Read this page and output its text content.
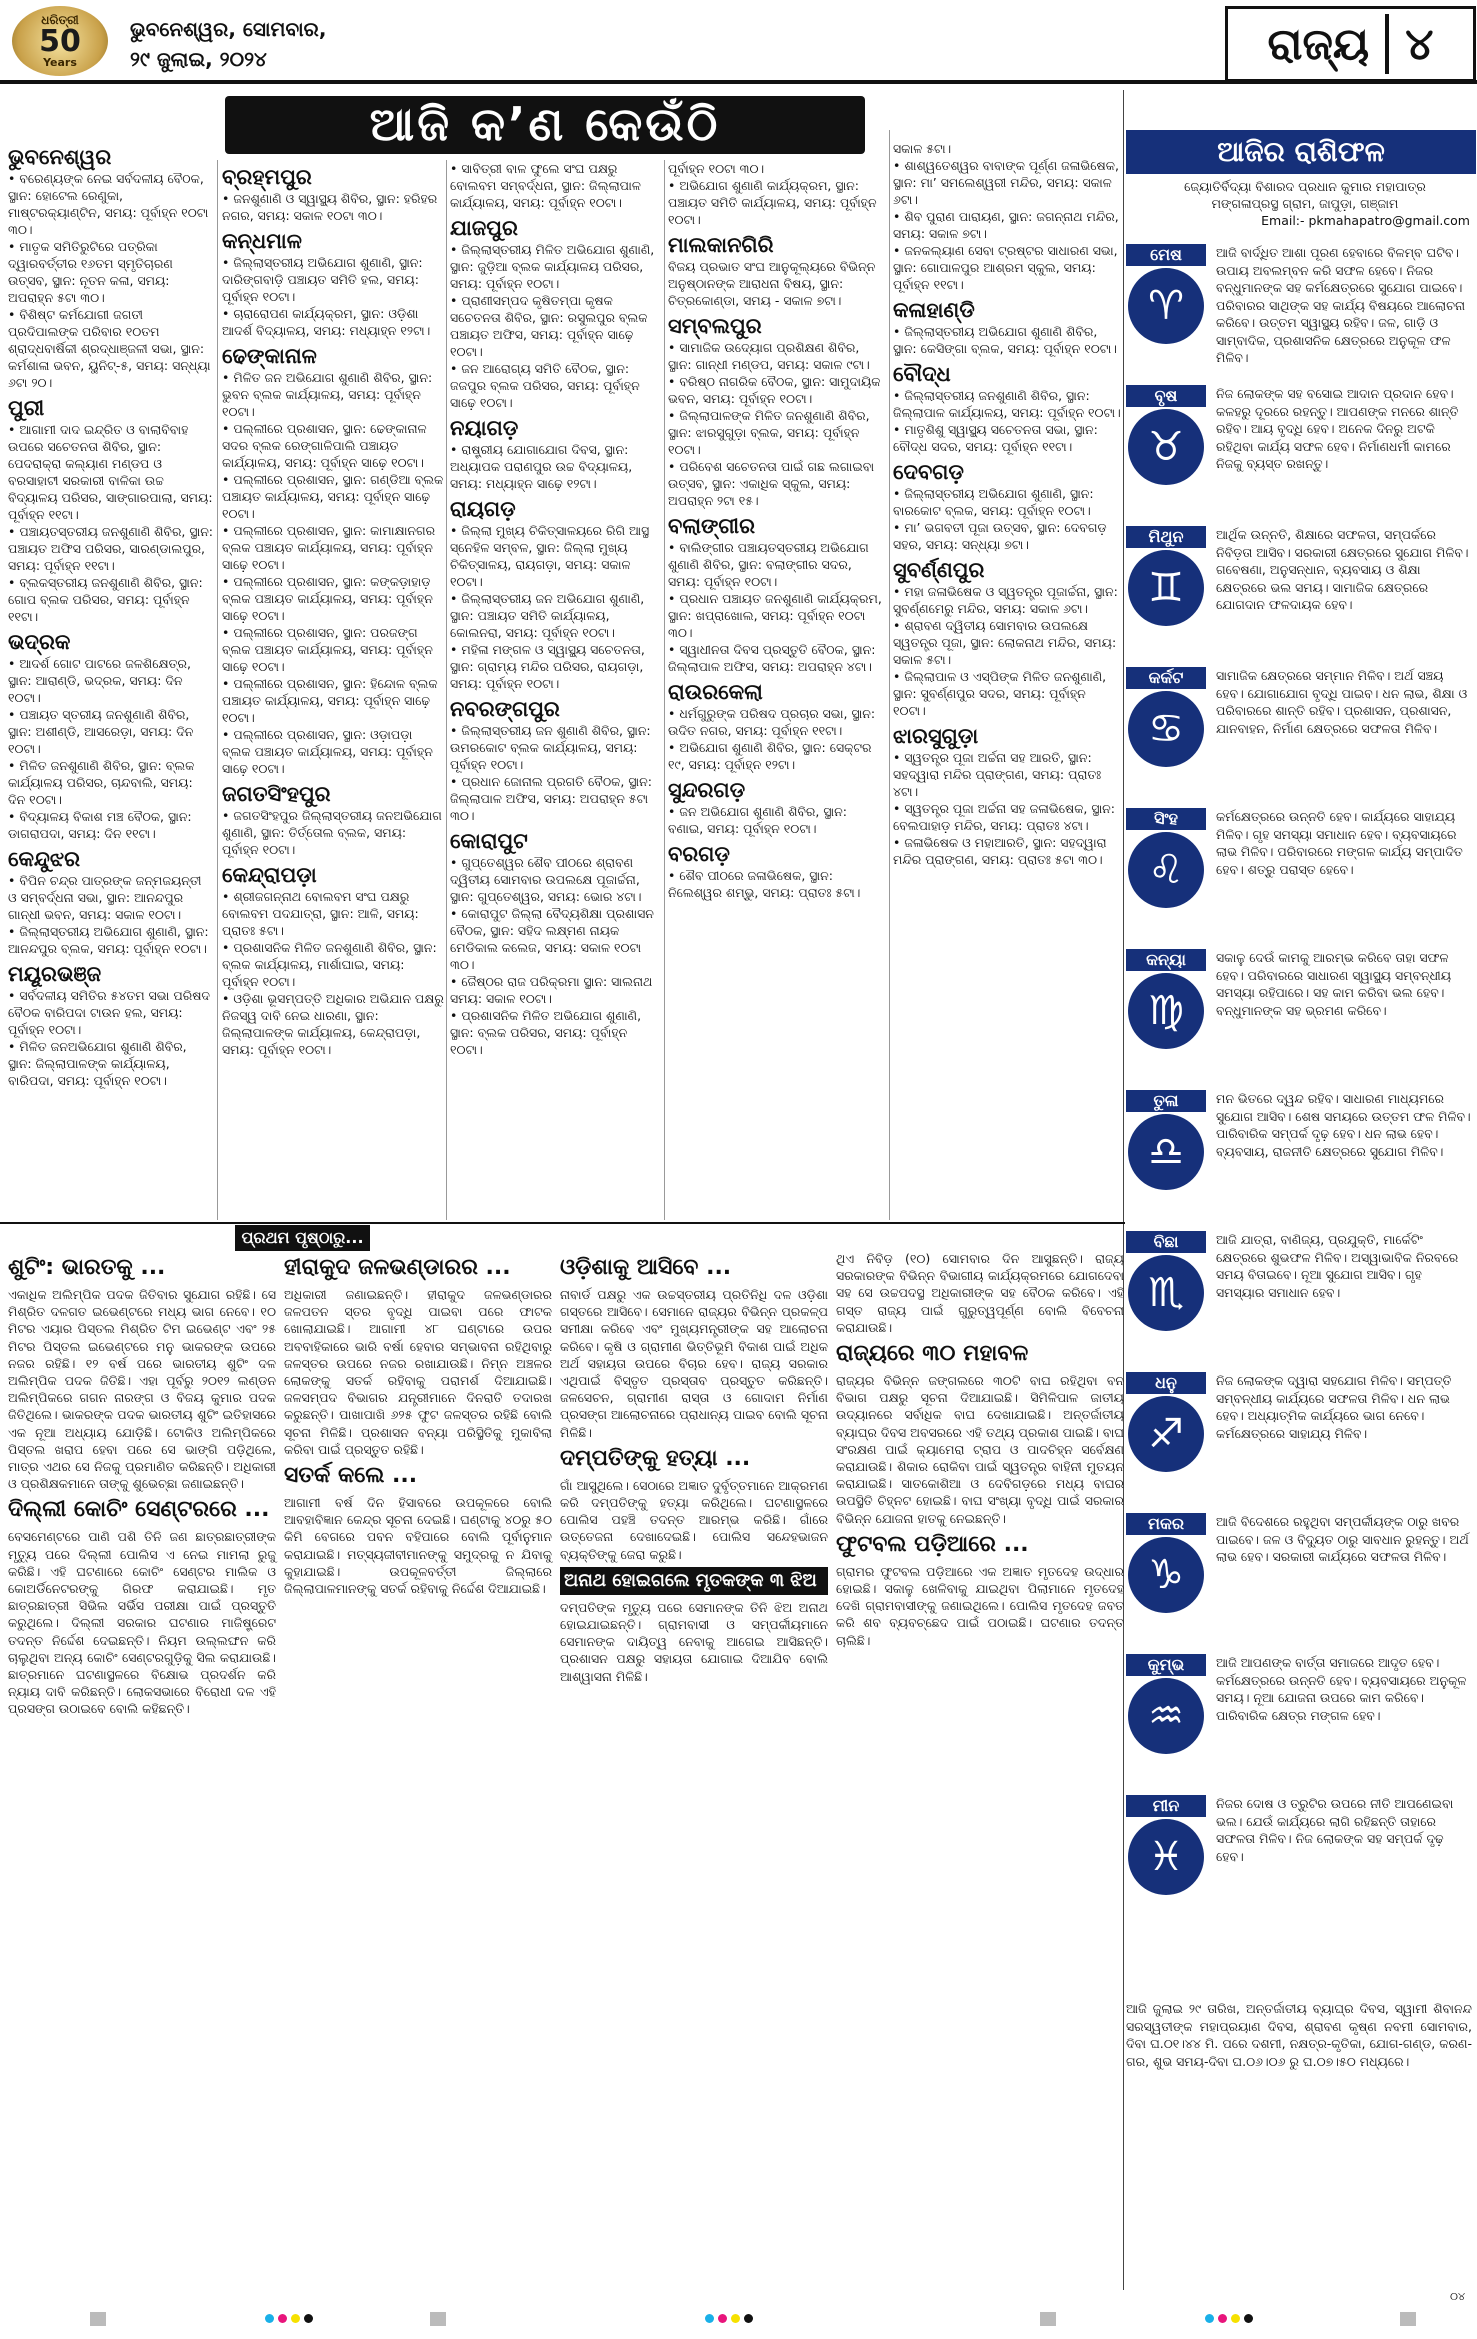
ଧରିତ୍ରୀ
50
Years
ଭୁବନେଶ୍ୱର, ସୋମବାର,
୨୯ ଜୁଲାଇ, ୨୦୨୪	ରାଜ୍ୟ ୪
ଆଜି କ’ଣ କେଉଁଠି
ଭୁବନେଶ୍ୱର
• ବରେଣ୍ୟଙ୍କ ନେଇ ସର୍ବଦଳୀୟ ବୈଠକ, ସ୍ଥାନ: ହୋଟେଲ ରେଣୁକା, ମାଷ୍ଟରକ୍ୟାଣ୍ଟିନ, ସମୟ: ପୂର୍ବାହ୍ନ ୧୦ଟା ୩୦।
• ମାତୃକ ସମିତିରୁଟିରେ ପତ୍ରିକା ଦ୍ୱାରବର୍ତ୍ତୀର ୧୬ତମ ସ୍ମୃତିଚାରଣ ଉତ୍ସବ, ସ୍ଥାନ: ନୂତନ କଳା, ସମୟ: ଅପରାହ୍ନ ୫ଟା ୩୦।
• ବିଶିଷ୍ଟ କର୍ମଯୋଗୀ ଜଗତୀ ପ୍ରଦିପାଲଙ୍କ ପରିବାର ୧୦ତମ ଶ୍ରାଦ୍ଧବାର୍ଷିକୀ ଶ୍ରଦ୍ଧାଞ୍ଜଳୀ ସଭା, ସ୍ଥାନ: କର୍ମଶାଳା ଭବନ, ୟୁନିଟ୍-୫, ସମୟ: ସନ୍ଧ୍ୟା ୬ଟା ୨୦।
ପୁରୀ
• ଆଗାମୀ ଦାଦ ଇନ୍ଦ୍ରିତ ଓ ବାଲାବିବାହ ଉପରେ ସଚେତନତା ଶିବିର, ସ୍ଥାନ: ପେଦରାକ୍ରା କଲ୍ୟାଣ ମଣ୍ଡପ ଓ ବରସାହାଟୀ ସରକାରୀ ବାଳିକା ଉଚ୍ଚ ବିଦ୍ୟାଳୟ ପରିସର, ସାଙ୍ଗାରପାଲା, ସମୟ: ପୂର୍ବାହ୍ନ ୧୧ଟା।
• ପଞ୍ଚାୟତସ୍ତରୀୟ ଜନଶୁଣାଣି ଶିବିର, ସ୍ଥାନ: ପଞ୍ଚାୟତ ଅଫିସ ପରିସର, ସାରଣ୍ଡାଲପୁର, ସମୟ: ପୂର୍ବାହ୍ନ ୧୧ଟା।
• ବ୍ଲକସ୍ତରୀୟ ଜନଶୁଣାଣି ଶିବିର, ସ୍ଥାନ: ଗୋପ ବ୍ଲକ ପରିସର, ସମୟ: ପୂର୍ବାହ୍ନ ୧୧ଟା।
ଭଦ୍ରକ
• ଆଦର୍ଶ ଗୋଟ ପାଟରେ ଜଳଶିକ୍ଷେତ୍ର, ସ୍ଥାନ: ଆରାଣ୍ଡି, ଭଦ୍ରକ, ସମୟ: ଦିନ ୧୦ଟା।
• ପଞ୍ଚାୟତ ସ୍ତରୀୟ ଜନଶୁଣାଣି ଶିବିର, ସ୍ଥାନ: ଅଶୀଣ୍ଡି, ଆସରେଡ଼ା, ସମୟ: ଦିନ ୧୦ଟା।
• ମିଳିତ ଜନଶୁଣାଣି ଶିବିର, ସ୍ଥାନ: ବ୍ଲକ କାର୍ଯ୍ୟାଳୟ ପରିସର, ଚାନ୍ଦବାଲି, ସମୟ: ଦିନ ୧୦ଟା।
• ବିଦ୍ୟାଳୟ ବିକାଶ ମଞ୍ଚ ବୈଠକ, ସ୍ଥାନ: ଡାଗରାପଦା, ସମୟ: ଦିନ ୧୧ଟା।
କେନ୍ଦୁଝର
• ବିପିନ ଚନ୍ଦ୍ର ପାତ୍ରଙ୍କ ଜନ୍ମଜୟନ୍ତୀ ଓ ସମ୍ବର୍ଦ୍ଧନା ସଭା, ସ୍ଥାନ: ଆନନ୍ଦପୁର ଗାନ୍ଧୀ ଭବନ, ସମୟ: ସକାଳ ୧୦ଟା।
• ଜିଲ୍ଲାସ୍ତରୀୟ ଅଭିଯୋଗ ଶୁଣାଣି, ସ୍ଥାନ: ଆନନ୍ଦପୁର ବ୍ଲକ, ସମୟ: ପୂର୍ବାହ୍ନ ୧୦ଟା।
ମୟୂରଭଞ୍ଜ
• ସର୍ବଦଳୀୟ ସମିତିର ୫୪ତମ ସଭା ପରିଷଦ ବୈଠକ ବାରିପଦା ଟାଉନ ହଲ, ସମୟ: ପୂର୍ବାହ୍ନ ୧୦ଟା।
• ମିଳିତ ଜନଅଭିଯୋଗ ଶୁଣାଣି ଶିବିର, ସ୍ଥାନ: ଜିଲ୍ଲାପାଳଙ୍କ କାର୍ଯ୍ୟାଳୟ, ବାରିପଦା, ସମୟ: ପୂର୍ବାହ୍ନ ୧୦ଟା।
ବ୍ରହ୍ମପୁର
• ଜନଶୁଣାଣି ଓ ସ୍ୱାସ୍ଥ୍ୟ ଶିବିର, ସ୍ଥାନ: ହରିହର ନଗର, ସମୟ: ସକାଳ ୧୦ଟା ୩୦।
କନ୍ଧମାଳ
• ଜିଲ୍ଲାସ୍ତରୀୟ ଅଭିଯୋଗ ଶୁଣାଣି, ସ୍ଥାନ: ଦାରିଙ୍ଗବାଡ଼ି ପଞ୍ଚାୟତ ସମିତି ହଲ, ସମୟ: ପୂର୍ବାହ୍ନ ୧୦ଟା।
• ଚାରାରୋପଣ କାର୍ଯ୍ୟକ୍ରମ, ସ୍ଥାନ: ଓଡ଼ିଶା ଆଦର୍ଶ ବିଦ୍ୟାଳୟ, ସମୟ: ମଧ୍ୟାହ୍ନ ୧୨ଟା।
ଢେଙ୍କାନାଳ
• ମିଳିତ ଜନ ଅଭିଯୋଗ ଶୁଣାଣି ଶିବିର, ସ୍ଥାନ: ଭୁବନ ବ୍ଲକ କାର୍ଯ୍ୟାଳୟ, ସମୟ: ପୂର୍ବାହ୍ନ ୧୦ଟା।
• ପଲ୍ଲୀରେ ପ୍ରଶାସନ, ସ୍ଥାନ: ଢେଙ୍କାନାଳ ସଦର ବ୍ଲକ ରେଙ୍ଗାଳିପାଲି ପଞ୍ଚାୟତ କାର୍ଯ୍ୟାଳୟ, ସମୟ: ପୂର୍ବାହ୍ନ ସାଢ଼େ ୧୦ଟା।
• ପଲ୍ଲୀରେ ପ୍ରଶାସନ, ସ୍ଥାନ: ଗଣ୍ଡିଆ ବ୍ଲକ ପଞ୍ଚାୟତ କାର୍ଯ୍ୟାଳୟ, ସମୟ: ପୂର୍ବାହ୍ନ ସାଢ଼େ ୧୦ଟା।
• ପଲ୍ଲୀରେ ପ୍ରଶାସନ, ସ୍ଥାନ: କାମାକ୍ଷାନଗର ବ୍ଲକ ପଞ୍ଚାୟତ କାର୍ଯ୍ୟାଳୟ, ସମୟ: ପୂର୍ବାହ୍ନ ସାଢ଼େ ୧୦ଟା।
• ପଲ୍ଲୀରେ ପ୍ରଶାସନ, ସ୍ଥାନ: କଙ୍କଡ଼ାହାଡ଼ ବ୍ଲକ ପଞ୍ଚାୟତ କାର୍ଯ୍ୟାଳୟ, ସମୟ: ପୂର୍ବାହ୍ନ ସାଢ଼େ ୧୦ଟା।
• ପଲ୍ଲୀରେ ପ୍ରଶାସନ, ସ୍ଥାନ: ପରଜଙ୍ଗ ବ୍ଲକ ପଞ୍ଚାୟତ କାର୍ଯ୍ୟାଳୟ, ସମୟ: ପୂର୍ବାହ୍ନ ସାଢ଼େ ୧୦ଟା।
• ପଲ୍ଲୀରେ ପ୍ରଶାସନ, ସ୍ଥାନ: ହିନ୍ଦୋଳ ବ୍ଲକ ପଞ୍ଚାୟତ କାର୍ଯ୍ୟାଳୟ, ସମୟ: ପୂର୍ବାହ୍ନ ସାଢ଼େ ୧୦ଟା।
• ପଲ୍ଲୀରେ ପ୍ରଶାସନ, ସ୍ଥାନ: ଓଡ଼ାପଡ଼ା ବ୍ଲକ ପଞ୍ଚାୟତ କାର୍ଯ୍ୟାଳୟ, ସମୟ: ପୂର୍ବାହ୍ନ ସାଢ଼େ ୧୦ଟା।
ଜଗତସିଂହପୁର
• ଜଗତସିଂହପୁର ଜିଲ୍ଲାସ୍ତରୀୟ ଜନଅଭିଯୋଗ ଶୁଣାଣି, ସ୍ଥାନ: ତିର୍ତ୍ତୋଲ ବ୍ଲକ, ସମୟ: ପୂର୍ବାହ୍ନ ୧୦ଟା।
କେନ୍ଦ୍ରାପଡ଼ା
• ଶ୍ରୀଜଗନ୍ନାଥ ବୋଲବମ ସଂଘ ପକ୍ଷରୁ ବୋଲବମ ପଦଯାତ୍ରା, ସ୍ଥାନ: ଆଳି, ସମୟ: ପ୍ରାତଃ ୫ଟା।
• ପ୍ରଶାସନିକ ମିଳିତ ଜନଶୁଣାଣି ଶିବିର, ସ୍ଥାନ: ବ୍ଲକ କାର୍ଯ୍ୟାଳୟ, ମାର୍ଶାଘାଇ, ସମୟ: ପୂର୍ବାହ୍ନ ୧୦ଟା।
• ଓଡ଼ିଶା ଭୂସମ୍ପତ୍ତି ଅଧିକାର ଅଭିଯାନ ପକ୍ଷରୁ ନିଜସ୍ୱ ଦାବି ନେଇ ଧାରଣା, ସ୍ଥାନ: ଜିଲ୍ଲାପାଳଙ୍କ କାର୍ଯ୍ୟାଳୟ, କେନ୍ଦ୍ରାପଡ଼ା, ସମୟ: ପୂର୍ବାହ୍ନ ୧୦ଟା।
• ସାବିତ୍ରୀ ବାଳ ଫୁଲେ ସଂଘ ପକ୍ଷରୁ ବୋଲବମ ସମ୍ବର୍ଦ୍ଧନା, ସ୍ଥାନ: ଜିଲ୍ଲାପାଳ କାର୍ଯ୍ୟାଳୟ, ସମୟ: ପୂର୍ବାହ୍ନ ୧୦ଟା।
ଯାଜପୁର
• ଜିଲ୍ଲାସ୍ତରୀୟ ମିଳିତ ଅଭିଯୋଗ ଶୁଣାଣି, ସ୍ଥାନ: ଜୁଡ଼ିଆ ବ୍ଲକ କାର୍ଯ୍ୟାଳୟ ପରିସର, ସମୟ: ପୂର୍ବାହ୍ନ ୧୦ଟା।
• ପ୍ରାଣୀସମ୍ପଦ କୃଷିତମ୍ପା କୃଷକ ସଚେତନତା ଶିବିର, ସ୍ଥାନ: ରସୁଲପୁର ବ୍ଲକ ପଞ୍ଚାୟତ ଅଫିସ, ସମୟ: ପୂର୍ବାହ୍ନ ସାଢ଼େ ୧୦ଟା।
• ଜନ ଆରୋଗ୍ୟ ସମିତି ବୈଠକ, ସ୍ଥାନ: ଜଜପୁର ବ୍ଲକ ପରିସର, ସମୟ: ପୂର୍ବାହ୍ନ ସାଢ଼େ ୧୦ଟା।
ନୟାଗଡ଼
• ରାଷ୍ଟ୍ରୀୟ ଯୋଗାଯୋଗ ଦିବସ, ସ୍ଥାନ: ଅଧ୍ୟାପକ ପରାଣପୁର ଉଚ୍ଚ ବିଦ୍ୟାଳୟ, ସମୟ: ମଧ୍ୟାହ୍ନ ସାଢ଼େ ୧୨ଟା।
ରାୟଗଡ଼
• ଜିଲ୍ଲା ମୁଖ୍ୟ ଚିକିତ୍ସାଳୟରେ ରିଗି ଆସ୍ଥ ସ୍ନେହିଳ ସମ୍ବଳ, ସ୍ଥାନ: ଜିଲ୍ଲା ମୁଖ୍ୟ ଚିକିତ୍ସାଳୟ, ରାୟଗଡ଼ା, ସମୟ: ସକାଳ ୧୦ଟା।
• ଜିଲ୍ଲାସ୍ତରୀୟ ଜନ ଅଭିଯୋଗ ଶୁଣାଣି, ସ୍ଥାନ: ପଞ୍ଚାୟତ ସମିତି କାର୍ଯ୍ୟାଳୟ, କୋଲନରା, ସମୟ: ପୂର୍ବାହ୍ନ ୧୦ଟା।
• ମହିଳା ମଙ୍ଗଳ ଓ ସ୍ୱାସ୍ଥ୍ୟ ସଚେତନତା, ସ୍ଥାନ: ଗ୍ରାମ୍ୟ ମନ୍ଦିର ପରିସର, ରାୟଗଡ଼ା, ସମୟ: ପୂର୍ବାହ୍ନ ୧୦ଟା।
ନବରଙ୍ଗପୁର
• ଜିଲ୍ଲାସ୍ତରୀୟ ଜନ ଶୁଣାଣି ଶିବିର, ସ୍ଥାନ: ଉମରକୋଟ ବ୍ଲକ କାର୍ଯ୍ୟାଳୟ, ସମୟ: ପୂର୍ବାହ୍ନ ୧୦ଟା।
• ପ୍ରଧାନ ଜୋନାଲ ପ୍ରଗତି ବୈଠକ, ସ୍ଥାନ: ଜିଲ୍ଲାପାଳ ଅଫିସ, ସମୟ: ଅପରାହ୍ନ ୫ଟା ୩୦।
କୋରାପୁଟ
• ଗୁପ୍ତେଶ୍ୱର ଶୈବ ପୀଠରେ ଶ୍ରାବଣ ଦ୍ୱିତୀୟ ସୋମବାର ଉପଲକ୍ଷେ ପୂଜାର୍ଚ୍ଚନା, ସ୍ଥାନ: ଗୁପ୍ତେଶ୍ୱର, ସମୟ: ଭୋର ୪ଟା।
• କୋରାପୁଟ ଜିଲ୍ଲା ବୈଦ୍ୟଶିକ୍ଷା ପ୍ରଶାସନ ବୈଠକ, ସ୍ଥାନ: ସହିଦ ଲକ୍ଷ୍ମଣ ନାୟକ ମେଡିକାଲ କଲେଜ, ସମୟ: ସକାଳ ୧୦ଟା ୩୦।
• ଜୈଷ୍ଠର ରାଜ ପରିକ୍ରମା ସ୍ଥାନ: ସାଲନାଥ ସମୟ: ସକାଳ ୧୦ଟା।
• ପ୍ରଶାସନିକ ମିଳିତ ଅଭିଯୋଗ ଶୁଣାଣି, ସ୍ଥାନ: ବ୍ଲକ ପରିସର, ସମୟ: ପୂର୍ବାହ୍ନ ୧୦ଟା।
ପୂର୍ବାହ୍ନ ୧୦ଟା ୩୦।
• ଅଭିଯୋଗ ଶୁଣାଣି କାର୍ଯ୍ୟକ୍ରମ, ସ୍ଥାନ: ପଞ୍ଚାୟତ ସମିତି କାର୍ଯ୍ୟାଳୟ, ସମୟ: ପୂର୍ବାହ୍ନ ୧୦ଟା।
ମାଲକାନଗିରି
ବିଜୟ ପ୍ରଭାତ ସଂଘ ଆନୁକୂଲ୍ୟରେ ବିଭିନ୍ନ ଅନୁଷ୍ଠାନଙ୍କ ଆରାଧନା ବିଷୟ, ସ୍ଥାନ: ଚିତ୍ରକୋଣ୍ଡା, ସମୟ - ସକାଳ ୭ଟା।
ସମ୍ବଲପୁର
• ସାମାଜିକ ଉଦ୍ୟୋଗ ପ୍ରଶିକ୍ଷଣ ଶିବିର, ସ୍ଥାନ: ଗାନ୍ଧୀ ମଣ୍ଡପ, ସମୟ: ସକାଳ ୯ଟା।
• ବରିଷ୍ଠ ନାଗରିକ ବୈଠକ, ସ୍ଥାନ: ସାମୁଦାୟିକ ଭବନ, ସମୟ: ପୂର୍ବାହ୍ନ ୧୦ଟା।
• ଜିଲ୍ଲାପାଳଙ୍କ ମିଳିତ ଜନଶୁଣାଣି ଶିବିର, ସ୍ଥାନ: ଝାରସୁଗୁଡ଼ା ବ୍ଲକ, ସମୟ: ପୂର୍ବାହ୍ନ ୧୦ଟା।
• ପରିବେଶ ସଚେତନତା ପାଇଁ ଗଛ ଲଗାଇବା ଉତ୍ସବ, ସ୍ଥାନ: ଏକାଧିକ ସ୍କୁଲ, ସମୟ: ଅପରାହ୍ନ ୨ଟା ୧୫।
ବଲାଙ୍ଗୀର
• ବାଲିଙ୍ଗୀର ପଞ୍ଚାୟତସ୍ତରୀୟ ଅଭିଯୋଗ ଶୁଣାଣି ଶିବିର, ସ୍ଥାନ: ବଲାଙ୍ଗୀର ସଦର, ସମୟ: ପୂର୍ବାହ୍ନ ୧୦ଟା।
• ପ୍ରଧାନ ପଞ୍ଚାୟତ ଜନଶୁଣାଣି କାର୍ଯ୍ୟକ୍ରମ, ସ୍ଥାନ: ଖପ୍ରାଖୋଲ, ସମୟ: ପୂର୍ବାହ୍ନ ୧୦ଟା ୩୦।
• ସ୍ୱାଧୀନତା ଦିବସ ପ୍ରସ୍ତୁତି ବୈଠକ, ସ୍ଥାନ: ଜିଲ୍ଲାପାଳ ଅଫିସ, ସମୟ: ଅପରାହ୍ନ ୪ଟା।
ରାଉରକେଲା
• ଧର୍ମଗୁରୁଙ୍କ ପରିଷଦ ପ୍ରଚାର ସଭା, ସ୍ଥାନ: ଉଦିତ ନଗର, ସମୟ: ପୂର୍ବାହ୍ନ ୧୧ଟା।
• ଅଭିଯୋଗ ଶୁଣାଣି ଶିବିର, ସ୍ଥାନ: ସେକ୍ଟର ୧୯, ସମୟ: ପୂର୍ବାହ୍ନ ୧୨ଟା।
ସୁନ୍ଦରଗଡ଼
• ଜନ ଅଭିଯୋଗ ଶୁଣାଣି ଶିବିର, ସ୍ଥାନ: ବଣାଇ, ସମୟ: ପୂର୍ବାହ୍ନ ୧୦ଟା।
ବରଗଡ଼
• ଶୈବ ପୀଠରେ ଜଳାଭିଷେକ, ସ୍ଥାନ: ନିଲେଶ୍ୱର ଶମ୍ଭୁ, ସମୟ: ପ୍ରାତଃ ୫ଟା।
ସକାଳ ୫ଟା।
• ଶାଶ୍ୱତେଶ୍ୱର ବାବାଙ୍କ ପୂର୍ଣ୍ଣ ଜଳାଭିଷେକ, ସ୍ଥାନ: ମା’ ସମଲେଶ୍ୱରୀ ମନ୍ଦିର, ସମୟ: ସକାଳ ୬ଟା।
• ଶିବ ପୁରାଣ ପାରାୟଣ, ସ୍ଥାନ: ଜଗନ୍ନାଥ ମନ୍ଦିର, ସମୟ: ସକାଳ ୭ଟା।
• ଜନକଲ୍ୟାଣ ସେବା ଟ୍ରଷ୍ଟର ସାଧାରଣ ସଭା, ସ୍ଥାନ: ଗୋପାଳପୁର ଆଶ୍ରମ ସ୍କୁଲ, ସମୟ: ପୂର୍ବାହ୍ନ ୧୧ଟା।
କଳାହାଣ୍ଡି
• ଜିଲ୍ଲାସ୍ତରୀୟ ଅଭିଯୋଗ ଶୁଣାଣି ଶିବିର, ସ୍ଥାନ: କେସିଙ୍ଗା ବ୍ଲକ, ସମୟ: ପୂର୍ବାହ୍ନ ୧୦ଟା।
ବୌଦ୍ଧ
• ଜିଲ୍ଲାସ୍ତରୀୟ ଜନଶୁଣାଣି ଶିବିର, ସ୍ଥାନ: ଜିଲ୍ଲାପାଳ କାର୍ଯ୍ୟାଳୟ, ସମୟ: ପୂର୍ବାହ୍ନ ୧୦ଟା।
• ମାତୃଶିଶୁ ସ୍ୱାସ୍ଥ୍ୟ ସଚେତନତା ସଭା, ସ୍ଥାନ: ବୌଦ୍ଧ ସଦର, ସମୟ: ପୂର୍ବାହ୍ନ ୧୧ଟା।
ଦେବଗଡ଼
• ଜିଲ୍ଲାସ୍ତରୀୟ ଅଭିଯୋଗ ଶୁଣାଣି, ସ୍ଥାନ: ବାରକୋଟ ବ୍ଲକ, ସମୟ: ପୂର୍ବାହ୍ନ ୧୦ଟା।
• ମା’ ଭଗବତୀ ପୂଜା ଉତ୍ସବ, ସ୍ଥାନ: ଦେବଗଡ଼ ସହର, ସମୟ: ସନ୍ଧ୍ୟା ୭ଟା।
ସୁବର୍ଣ୍ଣପୁର
• ମହା ଜଳାଭିଷେକ ଓ ସ୍ୱତନ୍ତ୍ର ପୂଜାର୍ଚ୍ଚନା, ସ୍ଥାନ: ସୁବର୍ଣ୍ଣମେରୁ ମନ୍ଦିର, ସମୟ: ସକାଳ ୬ଟା।
• ଶ୍ରାବଣ ଦ୍ୱିତୀୟ ସୋମବାର ଉପଲକ୍ଷେ ସ୍ୱତନ୍ତ୍ର ପୂଜା, ସ୍ଥାନ: ଲୋକନାଥ ମନ୍ଦିର, ସମୟ: ସକାଳ ୫ଟା।
• ଜିଲ୍ଲାପାଳ ଓ ଏସ୍‌ପିଙ୍କ ମିଳିତ ଜନଶୁଣାଣି, ସ୍ଥାନ: ସୁବର୍ଣ୍ଣପୁର ସଦର, ସମୟ: ପୂର୍ବାହ୍ନ ୧୦ଟା।
ଝାରସୁଗୁଡ଼ା
• ସ୍ୱତନ୍ତ୍ର ପୂଜା ଅର୍ଚ୍ଚନା ସହ ଆରତି, ସ୍ଥାନ: ସହଦ୍ୱାରା ମନ୍ଦିର ପ୍ରାଙ୍ଗଣ, ସମୟ: ପ୍ରାତଃ ୪ଟା।
• ସ୍ୱତନ୍ତ୍ର ପୂଜା ଅର୍ଚ୍ଚନା ସହ ଜଳାଭିଷେକ, ସ୍ଥାନ: ବେଲପାହାଡ଼ ମନ୍ଦିର, ସମୟ: ପ୍ରାତଃ ୪ଟା।
• ଜଳାଭିଷେକ ଓ ମହାଆରତି, ସ୍ଥାନ: ସହଦ୍ୱାରା ମନ୍ଦିର ପ୍ରାଙ୍ଗଣ, ସମୟ: ପ୍ରାତଃ ୫ଟା ୩୦।
ଆଜିର ରାଶିଫଳ
ଜ୍ୟୋତିର୍ବିଦ୍ୟା ବିଶାରଦ ପ୍ରଧାନ କୁମାର ମହାପାତ୍ର
ମଙ୍ଗଳାପ୍ରସ୍ଥ ଗ୍ରାମ, ଜାପୁଡ଼ା, ଗଞ୍ଜାମ
Email:- pkmahapatro@gmail.com
ମେଷ
♈
ଆଜି ବାର୍ଦ୍ଧିତ ଆଶା ପୂରଣ ହେବାରେ ବିଳମ୍ବ ଘଟିବ। ଉପାୟ ଅବଲମ୍ବନ କରି ସଫଳ ହେବେ। ନିଜର ବନ୍ଧୁମାନଙ୍କ ସହ କର୍ମକ୍ଷେତ୍ରରେ ସୁଯୋଗ ପାଇବେ। ପରିବାରର ସାଥିଙ୍କ ସହ କାର୍ଯ୍ୟ ବିଷୟରେ ଆଲୋଚନା କରିବେ। ଉତ୍ତମ ସ୍ୱାସ୍ଥ୍ୟ ରହିବ। ଜଳ, ଗାଡ଼ି ଓ ସାମ୍ବାଦିକ, ପ୍ରଶାସନିକ କ୍ଷେତ୍ରରେ ଅନୁକୂଳ ଫଳ ମିଳିବ।
ବୃଷ
♉
ନିଜ ଲୋକଙ୍କ ସହ ବସୋଇ ଆଦାନ ପ୍ରଦାନ ହେବ। କଳହରୁ ଦୂରରେ ରହନ୍ତୁ। ଆପଣଙ୍କ ମନରେ ଶାନ୍ତି ରହିବ। ଆୟ ବୃଦ୍ଧି ହେବ। ଅନେକ ଦିନରୁ ଅଟକି ରହିଥିବା କାର୍ଯ୍ୟ ସଫଳ ହେବ। ନିର୍ମାଣଧର୍ମୀ କାମରେ ନିଜକୁ ବ୍ୟସ୍ତ ରଖନ୍ତୁ।
ମିଥୁନ
♊
ଆର୍ଥିକ ଉନ୍ନତି, ଶିକ୍ଷାରେ ସଫଳତା, ସମ୍ପର୍କରେ ନିବିଡ଼ତା ଆସିବ। ସରକାରୀ କ୍ଷେତ୍ରରେ ସୁଯୋଗ ମିଳିବ। ଗବେଷଣା, ଅନୁସନ୍ଧାନ, ବ୍ୟବସାୟ ଓ ଶିକ୍ଷା କ୍ଷେତ୍ରରେ ଭଲ ସମୟ। ସାମାଜିକ କ୍ଷେତ୍ରରେ ଯୋଗଦାନ ଫଳଦାୟକ ହେବ।
କର୍କଟ
♋
ସାମାଜିକ କ୍ଷେତ୍ରରେ ସମ୍ମାନ ମିଳିବ। ଅର୍ଥ ସଞ୍ଚୟ ହେବ। ଯୋଗାଯୋଗ ବୃଦ୍ଧି ପାଇବ। ଧନ ଲାଭ, ଶିକ୍ଷା ଓ ପରିବାରରେ ଶାନ୍ତି ରହିବ। ପ୍ରଶାସନ, ପ୍ରଶାସନ, ଯାନବାହନ, ନିର୍ମାଣ କ୍ଷେତ୍ରରେ ସଫଳତା ମିଳିବ।
ସିଂହ
♌
କର୍ମକ୍ଷେତ୍ରରେ ଉନ୍ନତି ହେବ। କାର୍ଯ୍ୟରେ ସାହାଯ୍ୟ ମିଳିବ। ଗୃହ ସମସ୍ୟା ସମାଧାନ ହେବ। ବ୍ୟବସାୟରେ ଲାଭ ମିଳିବ। ପରିବାରରେ ମଙ୍ଗଳ କାର୍ଯ୍ୟ ସମ୍ପାଦିତ ହେବ। ଶତ୍ରୁ ପରାସ୍ତ ହେବେ।
କନ୍ୟା
♍
ସକାଳୁ ଦେଉଁ କାମକୁ ଆରମ୍ଭ କରିବେ ତାହା ସଫଳ ହେବ। ପରିବାରରେ ସାଧାରଣ ସ୍ୱାସ୍ଥ୍ୟ ସମ୍ବନ୍ଧୀୟ ସମସ୍ୟା ରହିପାରେ। ସହ କାମ କରିବା ଭଲ ହେବ। ବନ୍ଧୁମାନଙ୍କ ସହ ଭ୍ରମଣ କରିବେ।
ତୁଳା
♎
ମନ ଭିତରେ ଦ୍ୱନ୍ଦ ରହିବ। ସାଧାରଣ ମାଧ୍ୟମରେ ସୁଯୋଗ ଆସିବ। ଶେଷ ସମୟରେ ଉତ୍ତମ ଫଳ ମିଳିବ। ପାରିବାରିକ ସମ୍ପର୍କ ଦୃଢ଼ ହେବ। ଧନ ଲାଭ ହେବ। ବ୍ୟବସାୟ, ରାଜନୀତି କ୍ଷେତ୍ରରେ ସୁଯୋଗ ମିଳିବ।
ବିଛା
♏
ଆଜି ଯାତ୍ରା, ବାଣିଜ୍ୟ, ପ୍ରଯୁକ୍ତି, ମାର୍କେଟିଂ କ୍ଷେତ୍ରରେ ଶୁଭଫଳ ମିଳିବ। ଅସ୍ୱାଭାବିକ ନିରବରେ ସମୟ ବିତାଇବେ। ନୂଆ ସୁଯୋଗ ଆସିବ। ଗୃହ ସମସ୍ୟାର ସମାଧାନ ହେବ।
ଧନୁ
♐
ନିଜ ଲୋକଙ୍କ ଦ୍ୱାରା ସହଯୋଗ ମିଳିବ। ସମ୍ପତ୍ତି ସମ୍ବନ୍ଧୀୟ କାର୍ଯ୍ୟରେ ସଫଳତା ମିଳିବ। ଧନ ଲାଭ ହେବ। ଅଧ୍ୟାତ୍ମିକ କାର୍ଯ୍ୟରେ ଭାଗ ନେବେ। କର୍ମକ୍ଷେତ୍ରରେ ସାହାଯ୍ୟ ମିଳିବ।
ମକର
♑
ଆଜି ବିଦେଶରେ ରହୁଥିବା ସମ୍ପର୍କୀୟଙ୍କ ଠାରୁ ଖବର ପାଇବେ। ଜଳ ଓ ବିଦ୍ୟୁତ ଠାରୁ ସାବଧାନ ରୁହନ୍ତୁ। ଅର୍ଥ ଲାଭ ହେବ। ସରକାରୀ କାର୍ଯ୍ୟରେ ସଫଳତା ମିଳିବ।
କୁମ୍ଭ
♒
ଆଜି ଆପଣଙ୍କ ବାର୍ତ୍ତା ସମାଜରେ ଆଦୃତ ହେବ। କର୍ମକ୍ଷେତ୍ରରେ ଉନ୍ନତି ହେବ। ବ୍ୟବସାୟରେ ଅନୁକୂଳ ସମୟ। ନୂଆ ଯୋଜନା ଉପରେ କାମ କରିବେ। ପାରିବାରିକ କ୍ଷେତ୍ର ମଙ୍ଗଳ ହେବ।
ମୀନ
♓
ନିଜର ଦୋଷ ଓ ତ୍ରୁଟିର ଉପରେ ନୀତି ଆପଣେଇବା ଭଲ। ଯେଉଁ କାର୍ଯ୍ୟରେ ଲାଗି ରହିଛନ୍ତି ତାହାରେ ସଫଳତା ମିଳିବ। ନିଜ ଲୋକଙ୍କ ସହ ସମ୍ପର୍କ ଦୃଢ଼ ହେବ।
ଆଜି ଜୁଲାଇ ୨୯ ତାରିଖ, ଅନ୍ତର୍ଜାତୀୟ ବ୍ୟାଘ୍ର ଦିବସ, ସ୍ୱାମୀ ଶିବାନନ୍ଦ ସରସ୍ୱତୀଙ୍କ ମହାପ୍ରୟାଣ ଦିବସ, ଶ୍ରାବଣ କୃଷ୍ଣ ନବମୀ ସୋମବାର, ଦିବା ଘ.୦୧।୪୪ ମି. ପରେ ଦଶମୀ, ନକ୍ଷତ୍ର-କୃତିକା, ଯୋଗ-ଗଣ୍ଡ, କରଣ-ଗର, ଶୁଭ ସମୟ-ଦିବା ଘ.୦୬।୦୬ ରୁ ଘ.୦୭।୫୦ ମଧ୍ୟରେ।
ପ୍ରଥମ ପୃଷ୍ଠାରୁ...
ଶୁଟିଂ: ଭାରତକୁ ...
ଏକାଧିକ ଅଲିମ୍ପିକ ପଦକ ଜିତିବାର ସୁଯୋଗ ରହିଛି। ସେ ମିଶ୍ରିତ ଦଳଗତ ଇଭେଣ୍ଟରେ ମଧ୍ୟ ଭାଗ ନେବେ। ୧୦ ମିଟର ଏୟାର ପିସ୍ତଲ ମିଶ୍ରିତ ଟିମ ଇଭେଣ୍ଟ ଏବଂ ୨୫ ମିଟର ପିସ୍ତଲ ଇଭେଣ୍ଟରେ ମନୁ ଭାକରଙ୍କ ଉପରେ ନଜର ରହିଛି। ୧୨ ବର୍ଷ ପରେ ଭାରତୀୟ ଶୁଟିଂ ଦଳ ଅଲିମ୍ପିକ ପଦକ ଜିତିଛି। ଏହା ପୂର୍ବରୁ ୨୦୧୨ ଲଣ୍ଡନ ଅଲିମ୍ପିକରେ ଗଗନ ନାରଙ୍ଗ ଓ ବିଜୟ କୁମାର ପଦକ ଜିତିଥିଲେ। ଭାକରଙ୍କ ପଦକ ଭାରତୀୟ ଶୁଟିଂ ଇତିହାସରେ ଏକ ନୂଆ ଅଧ୍ୟାୟ ଯୋଡ଼ିଛି। ଟୋକିଓ ଅଲିମ୍ପିକରେ ପିସ୍ତଲ ଖରାପ ହେବା ପରେ ସେ ଭାଙ୍ଗି ପଡ଼ିଥିଲେ, ମାତ୍ର ଏଥର ସେ ନିଜକୁ ପ୍ରମାଣିତ କରିଛନ୍ତି। ଅଧିକାରୀ ଓ ପ୍ରଶିକ୍ଷକମାନେ ତାଙ୍କୁ ଶୁଭେଚ୍ଛା ଜଣାଇଛନ୍ତି।
ଦିଲ୍ଲୀ କୋଚିଂ ସେଣ୍ଟରରେ ...
ବେସମେଣ୍ଟରେ ପାଣି ପଶି ତିନି ଜଣ ଛାତ୍ରଛାତ୍ରୀଙ୍କ ମୃତ୍ୟୁ ପରେ ଦିଲ୍ଲୀ ପୋଲିସ ଏ ନେଇ ମାମଲା ରୁଜୁ କରିଛି। ଏହି ଘଟଣାରେ କୋଚିଂ ସେଣ୍ଟର ମାଲିକ ଓ କୋଅର୍ଡିନେଟରଙ୍କୁ ଗିରଫ କରାଯାଇଛି। ମୃତ ଛାତ୍ରଛାତ୍ରୀ ସିଭିଲ ସର୍ଭିସ ପରୀକ୍ଷା ପାଇଁ ପ୍ରସ୍ତୁତି କରୁଥିଲେ। ଦିଲ୍ଲୀ ସରକାର ଘଟଣାର ମାଜିଷ୍ଟ୍ରେଟ ତଦନ୍ତ ନିର୍ଦ୍ଦେଶ ଦେଇଛନ୍ତି। ନିୟମ ଉଲ୍ଲଙ୍ଘନ କରି ଚାଲୁଥିବା ଅନ୍ୟ କୋଚିଂ ସେଣ୍ଟରଗୁଡ଼ିକୁ ସିଲ କରାଯାଉଛି। ଛାତ୍ରମାନେ ଘଟଣାସ୍ଥଳରେ ବିକ୍ଷୋଭ ପ୍ରଦର୍ଶନ କରି ନ୍ୟାୟ ଦାବି କରିଛନ୍ତି। ଲୋକସଭାରେ ବିରୋଧୀ ଦଳ ଏହି ପ୍ରସଙ୍ଗ ଉଠାଇବେ ବୋଲି କହିଛନ୍ତି।
ହୀରାକୁଦ ଜଳଭଣ୍ଡାରର ...
ଅଧିକାରୀ ଜଣାଇଛନ୍ତି। ହୀରାକୁଦ ଜଳଭଣ୍ଡାରର ଜଳପତନ ସ୍ତର ବୃଦ୍ଧି ପାଇବା ପରେ ଫାଟକ ଖୋଲାଯାଇଛି। ଆଗାମୀ ୪୮ ଘଣ୍ଟାରେ ଉପର ଅବବାହିକାରେ ଭାରି ବର୍ଷା ହେବାର ସମ୍ଭାବନା ରହିଥିବାରୁ ଜଳସ୍ତର ଉପରେ ନଜର ରଖାଯାଉଛି। ନିମ୍ନ ଅଞ୍ଚଳର ଲୋକଙ୍କୁ ସତର୍କ ରହିବାକୁ ପରାମର୍ଶ ଦିଆଯାଇଛି। ଜଳସମ୍ପଦ ବିଭାଗର ଯନ୍ତ୍ରୀମାନେ ଦିନରାତି ତଦାରଖ କରୁଛନ୍ତି। ପାଖାପାଖି ୬୨୫ ଫୁଟ ଜଳସ୍ତର ରହିଛି ବୋଲି ସୂଚନା ମିଳିଛି। ପ୍ରଶାସନ ବନ୍ୟା ପରିସ୍ଥିତିକୁ ମୁକାବିଲା କରିବା ପାଇଁ ପ୍ରସ୍ତୁତ ରହିଛି।
ସତର୍କ କଲେ ...
ଆଗାମୀ ବର୍ଷ ଦିନ ହିସାବରେ ଉପକୂଳରେ ବୋଲି ଆବହାବିଜ୍ଞାନ କେନ୍ଦ୍ର ସୂଚନା ଦେଇଛି। ଘଣ୍ଟାକୁ ୪୦ରୁ ୫୦ କିମି ବେଗରେ ପବନ ବହିପାରେ ବୋଲି ପୂର୍ବାନୁମାନ କରାଯାଇଛି। ମତ୍ସ୍ୟଜୀବୀମାନଙ୍କୁ ସମୁଦ୍ରକୁ ନ ଯିବାକୁ କୁହାଯାଇଛି। ଉପକୂଳବର୍ତ୍ତୀ ଜିଲ୍ଲାରେ ଜିଲ୍ଲାପାଳମାନଙ୍କୁ ସତର୍କ ରହିବାକୁ ନିର୍ଦ୍ଦେଶ ଦିଆଯାଇଛି।
ଓଡ଼ିଶାକୁ ଆସିବେ ...
ନାବାର୍ଡ ପକ୍ଷରୁ ଏକ ଉଚ୍ଚସ୍ତରୀୟ ପ୍ରତିନିଧି ଦଳ ଓଡ଼ିଶା ଗସ୍ତରେ ଆସିବେ। ସେମାନେ ରାଜ୍ୟର ବିଭିନ୍ନ ପ୍ରକଳ୍ପ ସମୀକ୍ଷା କରିବେ ଏବଂ ମୁଖ୍ୟମନ୍ତ୍ରୀଙ୍କ ସହ ଆଲୋଚନା କରିବେ। କୃଷି ଓ ଗ୍ରାମୀଣ ଭିତ୍ତିଭୂମି ବିକାଶ ପାଇଁ ଅଧିକ ଅର୍ଥ ସହାୟତା ଉପରେ ବିଚାର ହେବ। ରାଜ୍ୟ ସରକାର ଏଥିପାଇଁ ବିସ୍ତୃତ ପ୍ରସ୍ତାବ ପ୍ରସ୍ତୁତ କରିଛନ୍ତି। ଜଳସେଚନ, ଗ୍ରାମୀଣ ରାସ୍ତା ଓ ଗୋଦାମ ନିର୍ମାଣ ପ୍ରସଙ୍ଗ ଆଲୋଚନାରେ ପ୍ରାଧାନ୍ୟ ପାଇବ ବୋଲି ସୂଚନା ମିଳିଛି।
ଦମ୍ପତିଙ୍କୁ ହତ୍ୟା ...
ଗାଁ ଆସୁଥିଲେ। ସେଠାରେ ଅଜ୍ଞାତ ଦୁର୍ବୃତ୍ତମାନେ ଆକ୍ରମଣ କରି ଦମ୍ପତିଙ୍କୁ ହତ୍ୟା କରିଥିଲେ। ଘଟଣାସ୍ଥଳରେ ପୋଲିସ ପହଞ୍ଚି ତଦନ୍ତ ଆରମ୍ଭ କରିଛି। ଗାଁରେ ଉତ୍ତେଜନା ଦେଖାଦେଇଛି। ପୋଲିସ ସନ୍ଦେହଭାଜନ ବ୍ୟକ୍ତିଙ୍କୁ ଜେରା କରୁଛି।
ଅନାଥ ହୋଇଗଲେ ମୃତକଙ୍କ ୩ ଝିଅ
ଦମ୍ପତିଙ୍କ ମୃତ୍ୟୁ ପରେ ସେମାନଙ୍କ ତିନି ଝିଅ ଅନାଥ ହୋଇଯାଇଛନ୍ତି। ଗ୍ରାମବାସୀ ଓ ସମ୍ପର୍କୀୟମାନେ ସେମାନଙ୍କ ଦାୟିତ୍ୱ ନେବାକୁ ଆଗେଇ ଆସିଛନ୍ତି। ପ୍ରଶାସନ ପକ୍ଷରୁ ସହାୟତା ଯୋଗାଇ ଦିଆଯିବ ବୋଲି ଆଶ୍ୱାସନା ମିଳିଛି।
ଥିଏ ନିବିଡ଼ (୧୦) ସୋମବାର ଦିନ ଆସୁଛନ୍ତି। ରାଜ୍ୟ ସରକାରଙ୍କ ବିଭିନ୍ନ ବିଭାଗୀୟ କାର୍ଯ୍ୟକ୍ରମରେ ଯୋଗଦେବା ସହ ସେ ଉଚ୍ଚପଦସ୍ଥ ଅଧିକାରୀଙ୍କ ସହ ବୈଠକ କରିବେ। ଏହି ଗସ୍ତ ରାଜ୍ୟ ପାଇଁ ଗୁରୁତ୍ୱପୂର୍ଣ୍ଣ ବୋଲି ବିବେଚନା କରାଯାଉଛି।
ରାଜ୍ୟରେ ୩୦ ମହାବଳ
ରାଜ୍ୟର ବିଭିନ୍ନ ଜଙ୍ଗଲରେ ୩୦ଟି ବାଘ ରହିଥିବା ବନ ବିଭାଗ ପକ୍ଷରୁ ସୂଚନା ଦିଆଯାଇଛି। ସିମିଳିପାଳ ଜାତୀୟ ଉଦ୍ୟାନରେ ସର୍ବାଧିକ ବାଘ ଦେଖାଯାଇଛି। ଅନ୍ତର୍ଜାତୀୟ ବ୍ୟାଘ୍ର ଦିବସ ଅବସରରେ ଏହି ତଥ୍ୟ ପ୍ରକାଶ ପାଇଛି। ବାଘ ସଂରକ୍ଷଣ ପାଇଁ କ୍ୟାମେରା ଟ୍ରାପ ଓ ପାଦଚିହ୍ନ ସର୍ବେକ୍ଷଣ କରାଯାଉଛି। ଶିକାର ରୋକିବା ପାଇଁ ସ୍ୱତନ୍ତ୍ର ବାହିନୀ ମୁତୟନ କରାଯାଇଛି। ସାତକୋଶିଆ ଓ ଦେବିଗଡ଼ରେ ମଧ୍ୟ ବାଘର ଉପସ୍ଥିତି ଚିହ୍ନଟ ହୋଇଛି। ବାଘ ସଂଖ୍ୟା ବୃଦ୍ଧି ପାଇଁ ସରକାର ବିଭିନ୍ନ ଯୋଜନା ହାତକୁ ନେଇଛନ୍ତି।
ଫୁଟବଲ ପଡ଼ିଆରେ ...
ଗ୍ରାମର ଫୁଟବଲ ପଡ଼ିଆରେ ଏକ ଅଜ୍ଞାତ ମୃତଦେହ ଉଦ୍ଧାର ହୋଇଛି। ସକାଳୁ ଖେଳିବାକୁ ଯାଇଥିବା ପିଲାମାନେ ମୃତଦେହ ଦେଖି ଗ୍ରାମବାସୀଙ୍କୁ ଜଣାଇଥିଲେ। ପୋଲିସ ମୃତଦେହ ଜବତ କରି ଶବ ବ୍ୟବଚ୍ଛେଦ ପାଇଁ ପଠାଇଛି। ଘଟଣାର ତଦନ୍ତ ଚାଲିଛି।
୦୪
